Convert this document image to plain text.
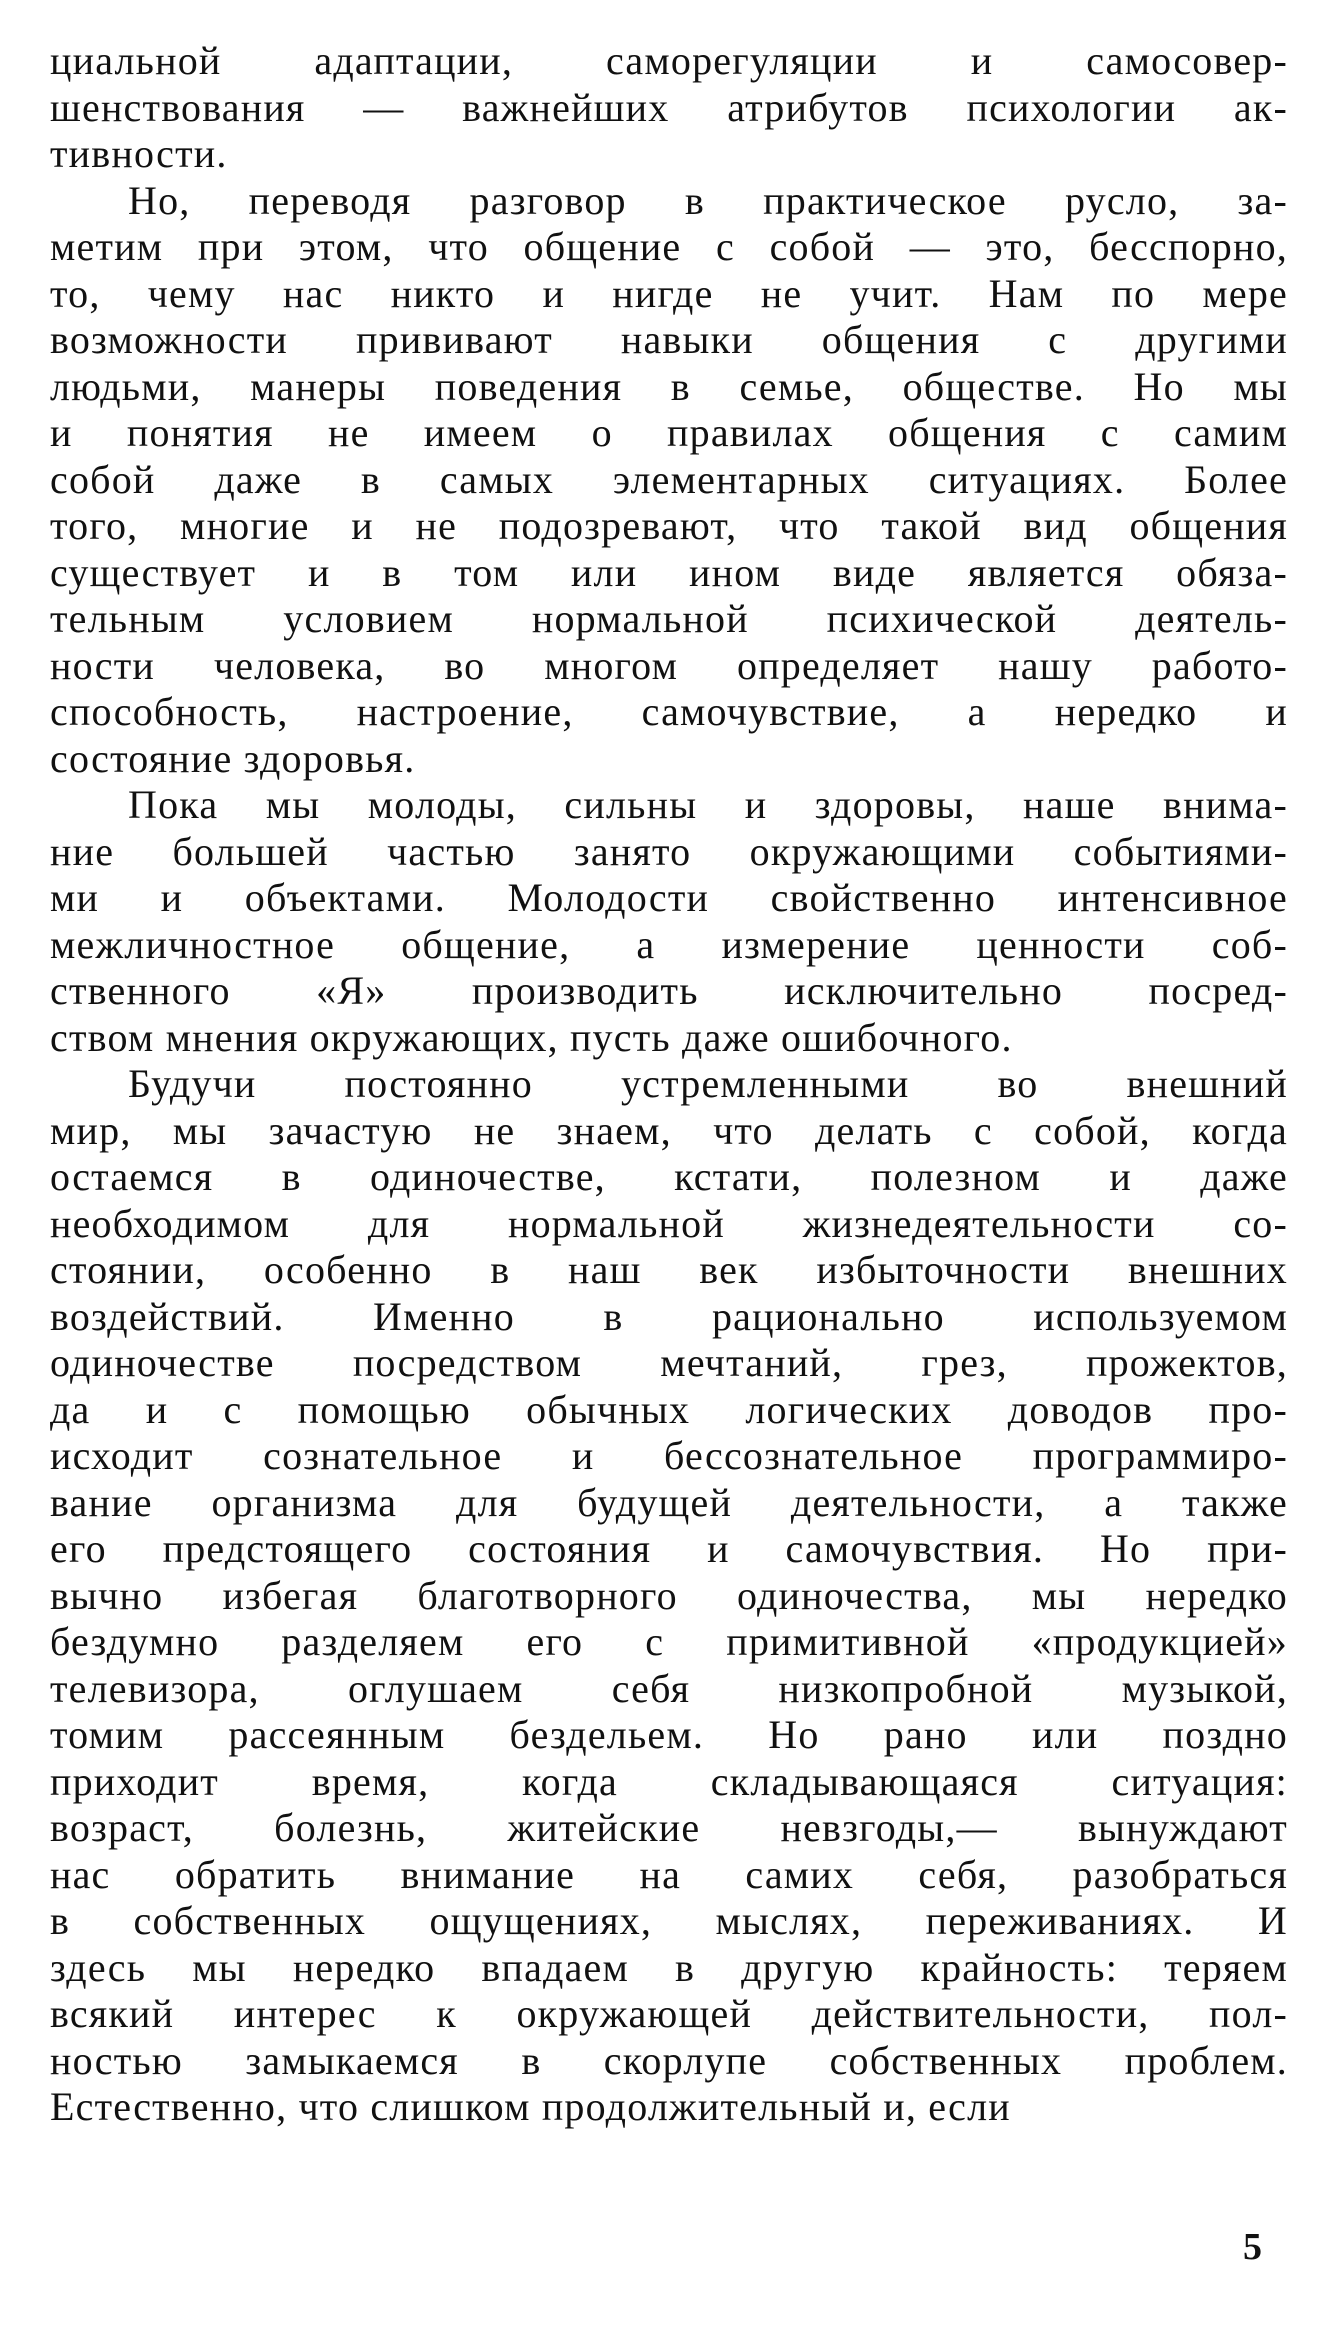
циальной адаптации, саморегуляции и самосовер-
шенствования — важнейших атрибутов психологии ак-
тивности.
Но, переводя разговор в практическое русло, за-
метим при этом, что общение с собой — это, бесспорно,
то, чему нас никто и нигде не учит. Нам по мере
возможности прививают навыки общения с другими
людьми, манеры поведения в семье, обществе. Но мы
и понятия не имеем о правилах общения с самим
собой даже в самых элементарных ситуациях. Более
того, многие и не подозревают, что такой вид общения
существует и в том или ином виде является обяза-
тельным условием нормальной психической деятель-
ности человека, во многом определяет нашу работо-
способность, настроение, самочувствие, а нередко и
состояние здоровья.
Пока мы молоды, сильны и здоровы, наше внима-
ние большей частью занято окружающими событиями-
ми и объектами. Молодости свойственно интенсивное
межличностное общение, а измерение ценности соб-
ственного «Я» производить исключительно посред-
ством мнения окружающих, пусть даже ошибочного.
Будучи постоянно устремленными во внешний
мир, мы зачастую не знаем, что делать с собой, когда
остаемся в одиночестве, кстати, полезном и даже
необходимом для нормальной жизнедеятельности со-
стоянии, особенно в наш век избыточности внешних
воздействий. Именно в рационально используемом
одиночестве посредством мечтаний, грез, прожектов,
да и с помощью обычных логических доводов про-
исходит сознательное и бессознательное программиро-
вание организма для будущей деятельности, а также
его предстоящего состояния и самочувствия. Но при-
вычно избегая благотворного одиночества, мы нередко
бездумно разделяем его с примитивной «продукцией»
телевизора, оглушаем себя низкопробной музыкой,
томим рассеянным бездельем. Но рано или поздно
приходит время, когда складывающаяся ситуация:
возраст, болезнь, житейские невзгоды,— вынуждают
нас обратить внимание на самих себя, разобраться
в собственных ощущениях, мыслях, переживаниях. И
здесь мы нередко впадаем в другую крайность: теряем
всякий интерес к окружающей действительности, пол-
ностью замыкаемся в скорлупе собственных проблем.
Естественно, что слишком продолжительный и, если
5
